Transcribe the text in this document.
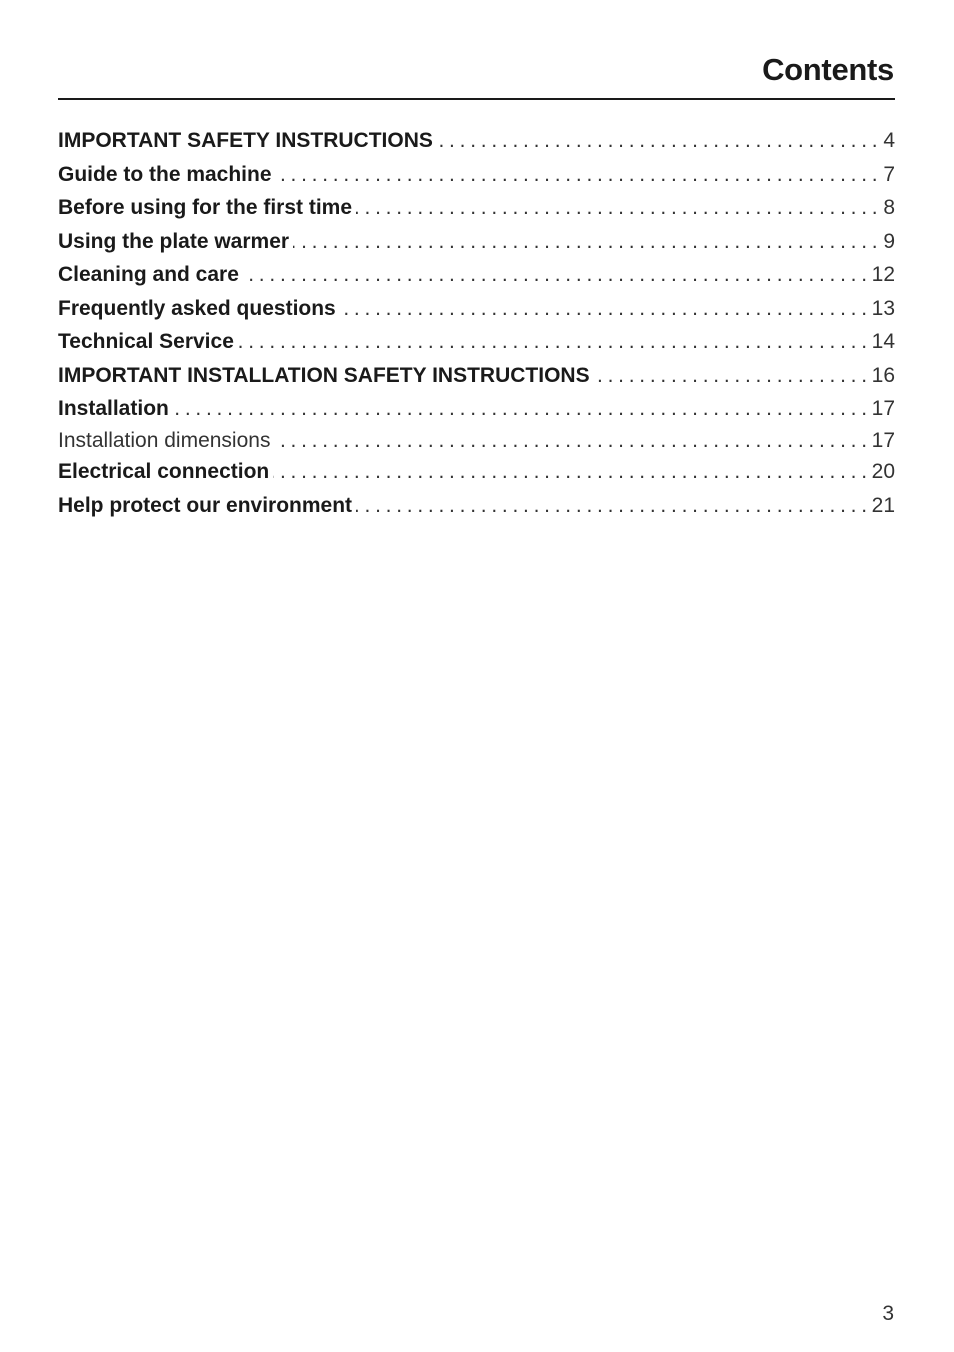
Contents
. . .
IMPORTANT SAFETY INSTRUCTIONS	4
. . .
Guide to the machine	7
. . .
Before using for the first time	8
. . .
Using the plate warmer	9
. . .
Cleaning and care	12
. . .
Frequently asked questions	13
. . .
Technical Service	14
. . .
IMPORTANT INSTALLATION SAFETY INSTRUCTIONS	16
. . .
Installation	17
. . .
Installation dimensions	17
. . .
Electrical connection	20
. . .
Help protect our environment	21
3
